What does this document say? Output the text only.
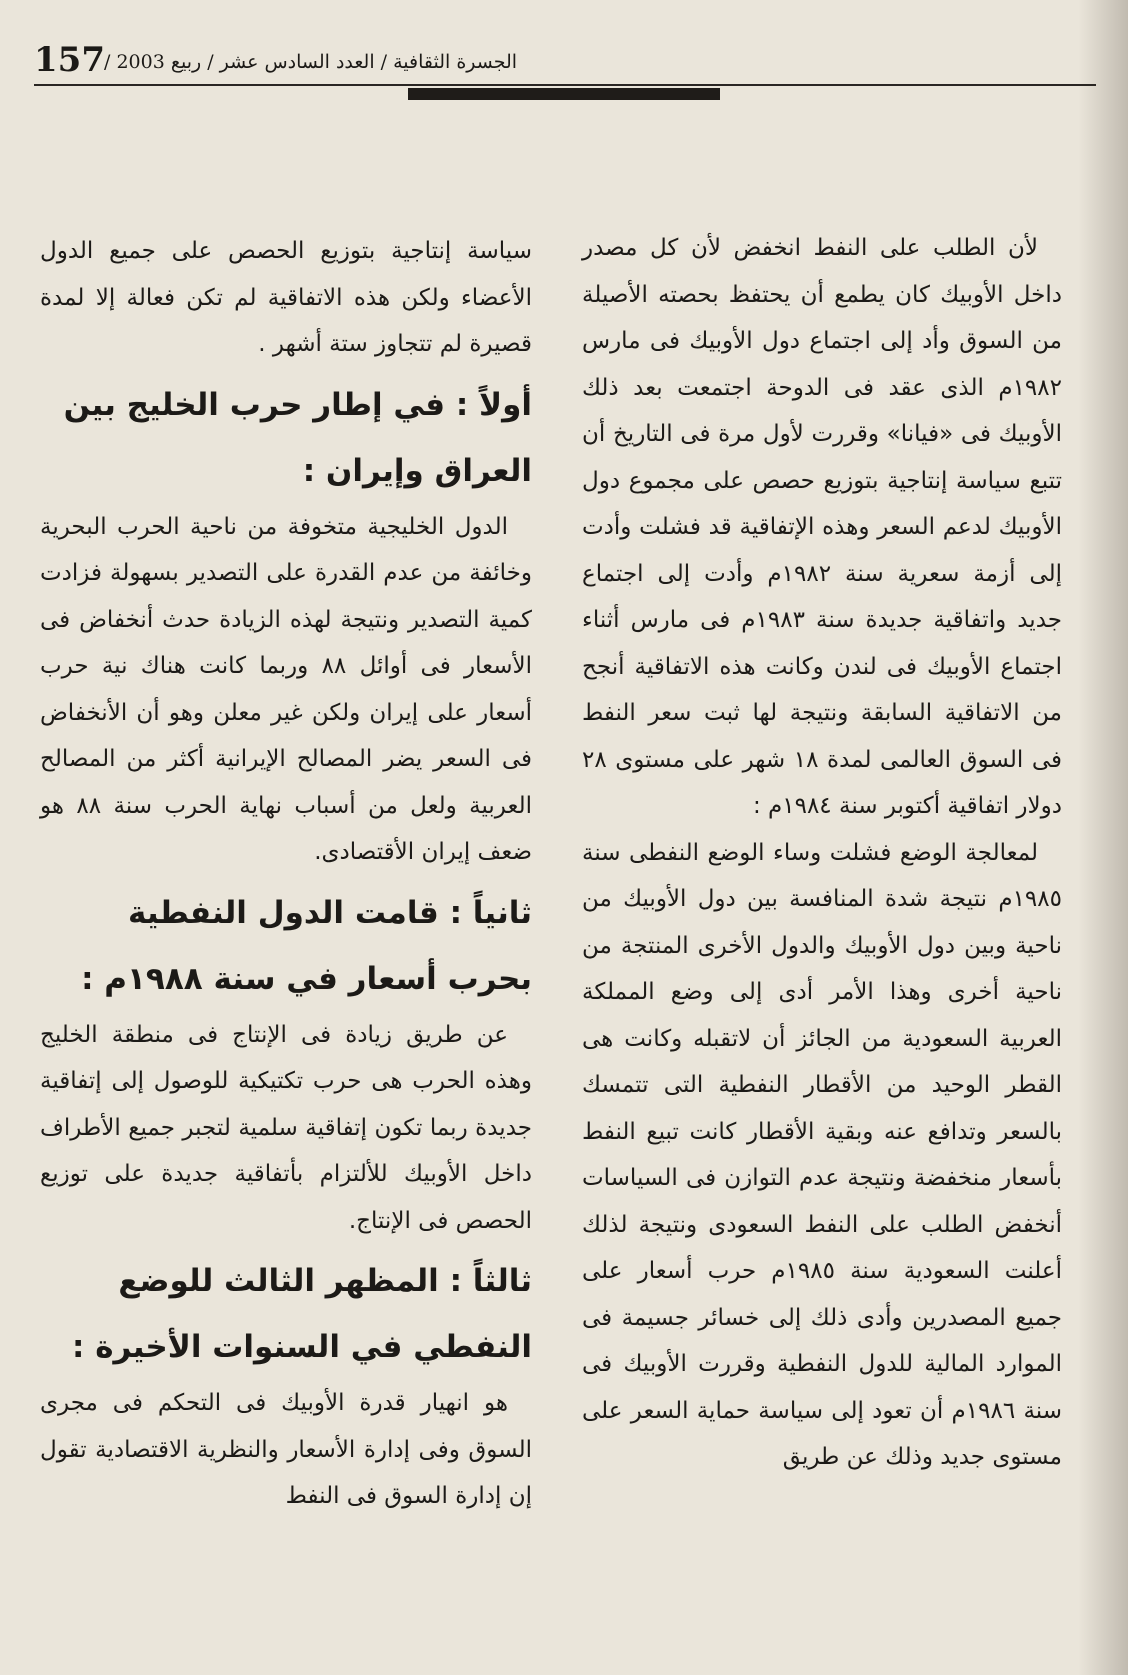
157 الجسرة الثقافية / العدد السادس عشر / ربيع 2003 /

لأن الطلب على النفط انخفض لأن كل مصدر داخل الأوبيك كان يطمع أن يحتفظ بحصته الأصيلة من السوق وأد إلى اجتماع دول الأوبيك فى مارس ١٩٨٢م الذى عقد فى الدوحة اجتمعت بعد ذلك الأوبيك فى «فيانا» وقررت لأول مرة فى التاريخ أن تتبع سياسة إنتاجية بتوزيع حصص على مجموع دول الأوبيك لدعم السعر وهذه الإتفاقية قد فشلت وأدت إلى أزمة سعرية سنة ١٩٨٢م وأدت إلى اجتماع جديد واتفاقية جديدة سنة ١٩٨٣م فى مارس أثناء اجتماع الأوبيك فى لندن وكانت هذه الاتفاقية أنجح من الاتفاقية السابقة ونتيجة لها ثبت سعر النفط فى السوق العالمى لمدة ١٨ شهر على مستوى ٢٨ دولار اتفاقية أكتوبر سنة ١٩٨٤م :

لمعالجة الوضع فشلت وساء الوضع النفطى سنة ١٩٨٥م نتيجة شدة المنافسة بين دول الأوبيك من ناحية وبين دول الأوبيك والدول الأخرى المنتجة من ناحية أخرى وهذا الأمر أدى إلى وضع المملكة العربية السعودية من الجائز أن لاتقبله وكانت هى القطر الوحيد من الأقطار النفطية التى تتمسك بالسعر وتدافع عنه وبقية الأقطار كانت تبيع النفط بأسعار منخفضة ونتيجة عدم التوازن فى السياسات أنخفض الطلب على النفط السعودى ونتيجة لذلك أعلنت السعودية سنة ١٩٨٥م حرب أسعار على جميع المصدرين وأدى ذلك إلى خسائر جسيمة فى الموارد المالية للدول النفطية وقررت الأوبيك فى سنة ١٩٨٦م أن تعود إلى سياسة حماية السعر على مستوى جديد وذلك عن طريق

سياسة إنتاجية بتوزيع الحصص على جميع الدول الأعضاء ولكن هذه الاتفاقية لم تكن فعالة إلا لمدة قصيرة لم تتجاوز ستة أشهر .

أولاً : في إطار حرب الخليج بين العراق وإيران :

الدول الخليجية متخوفة من ناحية الحرب البحرية وخائفة من عدم القدرة على التصدير بسهولة فزادت كمية التصدير ونتيجة لهذه الزيادة حدث أنخفاض فى الأسعار فى أوائل ٨٨ وربما كانت هناك نية حرب أسعار على إيران ولكن غير معلن وهو أن الأنخفاض فى السعر يضر المصالح الإيرانية أكثر من المصالح العربية ولعل من أسباب نهاية الحرب سنة ٨٨ هو ضعف إيران الأقتصادى.

ثانياً : قامت الدول النفطية بحرب أسعار في سنة ١٩٨٨م :

عن طريق زيادة فى الإنتاج فى منطقة الخليج وهذه الحرب هى حرب تكتيكية للوصول إلى إتفاقية جديدة ربما تكون إتفاقية سلمية لتجبر جميع الأطراف داخل الأوبيك للألتزام بأتفاقية جديدة على توزيع الحصص فى الإنتاج.

ثالثاً : المظهر الثالث للوضع النفطي في السنوات الأخيرة :

هو انهيار قدرة الأوبيك فى التحكم فى مجرى السوق وفى إدارة الأسعار والنظرية الاقتصادية تقول إن إدارة السوق فى النفط
